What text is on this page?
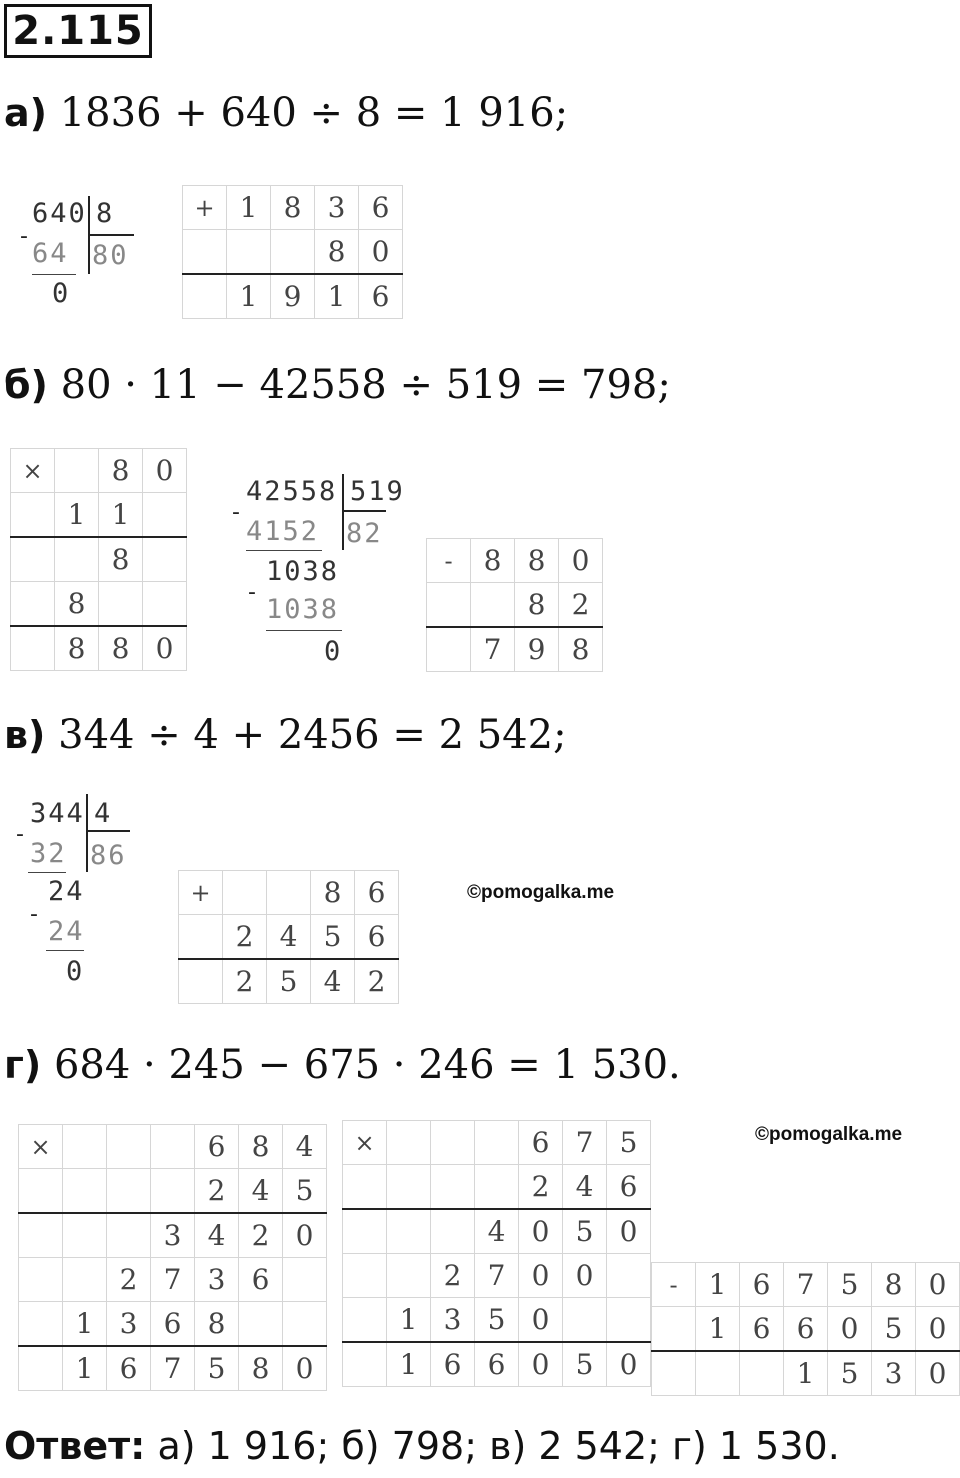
2.115
а) 1836 + 640 ÷ 8 = 1 916;
640 8
-
64 80
0
+	1	8	3	6
			8	0
	1	9	1	6
б) 80 · 11 − 42558 ÷ 519 = 798;
×		8	0
	1	1	
		8	
	8		
	8	8	0
42558 519
-
4152 82
1038
-
1038
0
-	8	8	0
		8	2
	7	9	8
в) 344 ÷ 4 + 2456 = 2 542;
344 4
-
32 86
24
-
24
0
+			8	6
	2	4	5	6
	2	5	4	2
©pomogalka.me
г) 684 · 245 − 675 · 246 = 1 530.
×				6	8	4
				2	4	5
			3	4	2	0
		2	7	3	6	
	1	3	6	8		
	1	6	7	5	8	0
×				6	7	5
				2	4	6
			4	0	5	0
		2	7	0	0	
	1	3	5	0		
	1	6	6	0	5	0
©pomogalka.me
-	1	6	7	5	8	0
	1	6	6	0	5	0
			1	5	3	0
Ответ: а) 1 916; б) 798; в) 2 542; г) 1 530.
